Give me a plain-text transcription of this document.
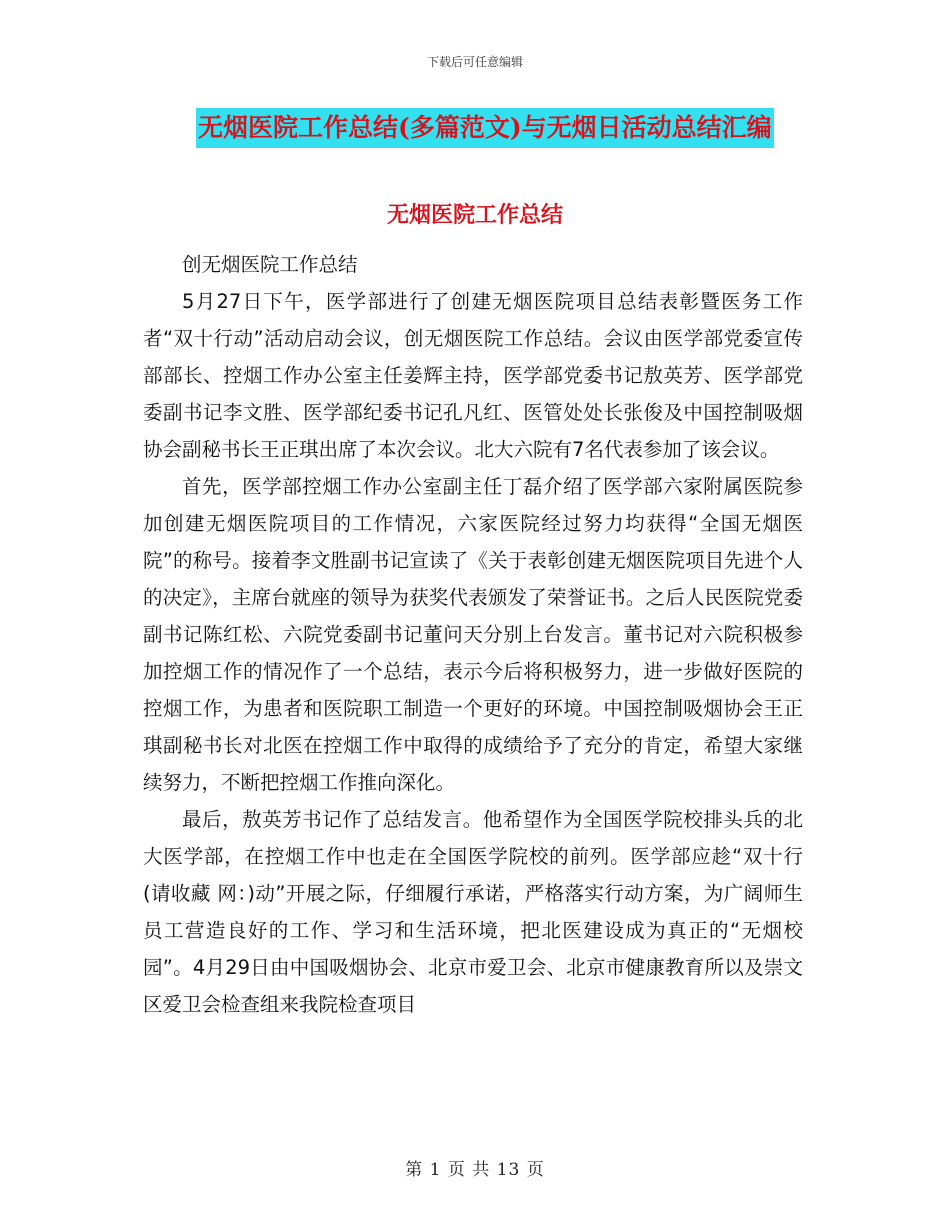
下载后可任意编辑
无烟医院工作总结(多篇范文)与无烟日活动总结汇编
无烟医院工作总结

创无烟医院工作总结

5月27日下午，医学部进行了创建无烟医院项目总结表彰暨医务工作者“双十行动”活动启动会议，创无烟医院工作总结。会议由医学部党委宣传部部长、控烟工作办公室主任姜辉主持，医学部党委书记敖英芳、医学部党委副书记李文胜、医学部纪委书记孔凡红、医管处处长张俊及中国控制吸烟协会副秘书长王正琪出席了本次会议。北大六院有7名代表参加了该会议。

首先，医学部控烟工作办公室副主任丁磊介绍了医学部六家附属医院参加创建无烟医院项目的工作情况，六家医院经过努力均获得“全国无烟医院”的称号。接着李文胜副书记宣读了《关于表彰创建无烟医院项目先进个人的决定》，主席台就座的领导为获奖代表颁发了荣誉证书。之后人民医院党委副书记陈红松、六院党委副书记董问天分别上台发言。董书记对六院积极参加控烟工作的情况作了一个总结，表示今后将积极努力，进一步做好医院的控烟工作，为患者和医院职工制造一个更好的环境。中国控制吸烟协会王正琪副秘书长对北医在控烟工作中取得的成绩给予了充分的肯定，希望大家继续努力，不断把控烟工作推向深化。

最后，敖英芳书记作了总结发言。他希望作为全国医学院校排头兵的北大医学部，在控烟工作中也走在全国医学院校的前列。医学部应趁“双十行(请收藏 网：)动”开展之际，仔细履行承诺，严格落实行动方案，为广阔师生员工营造良好的工作、学习和生活环境，把北医建设成为真正的“无烟校园”。4月29日由中国吸烟协会、北京市爱卫会、北京市健康教育所以及崇文区爱卫会检查组来我院检查项目

第 1 页 共 13 页
